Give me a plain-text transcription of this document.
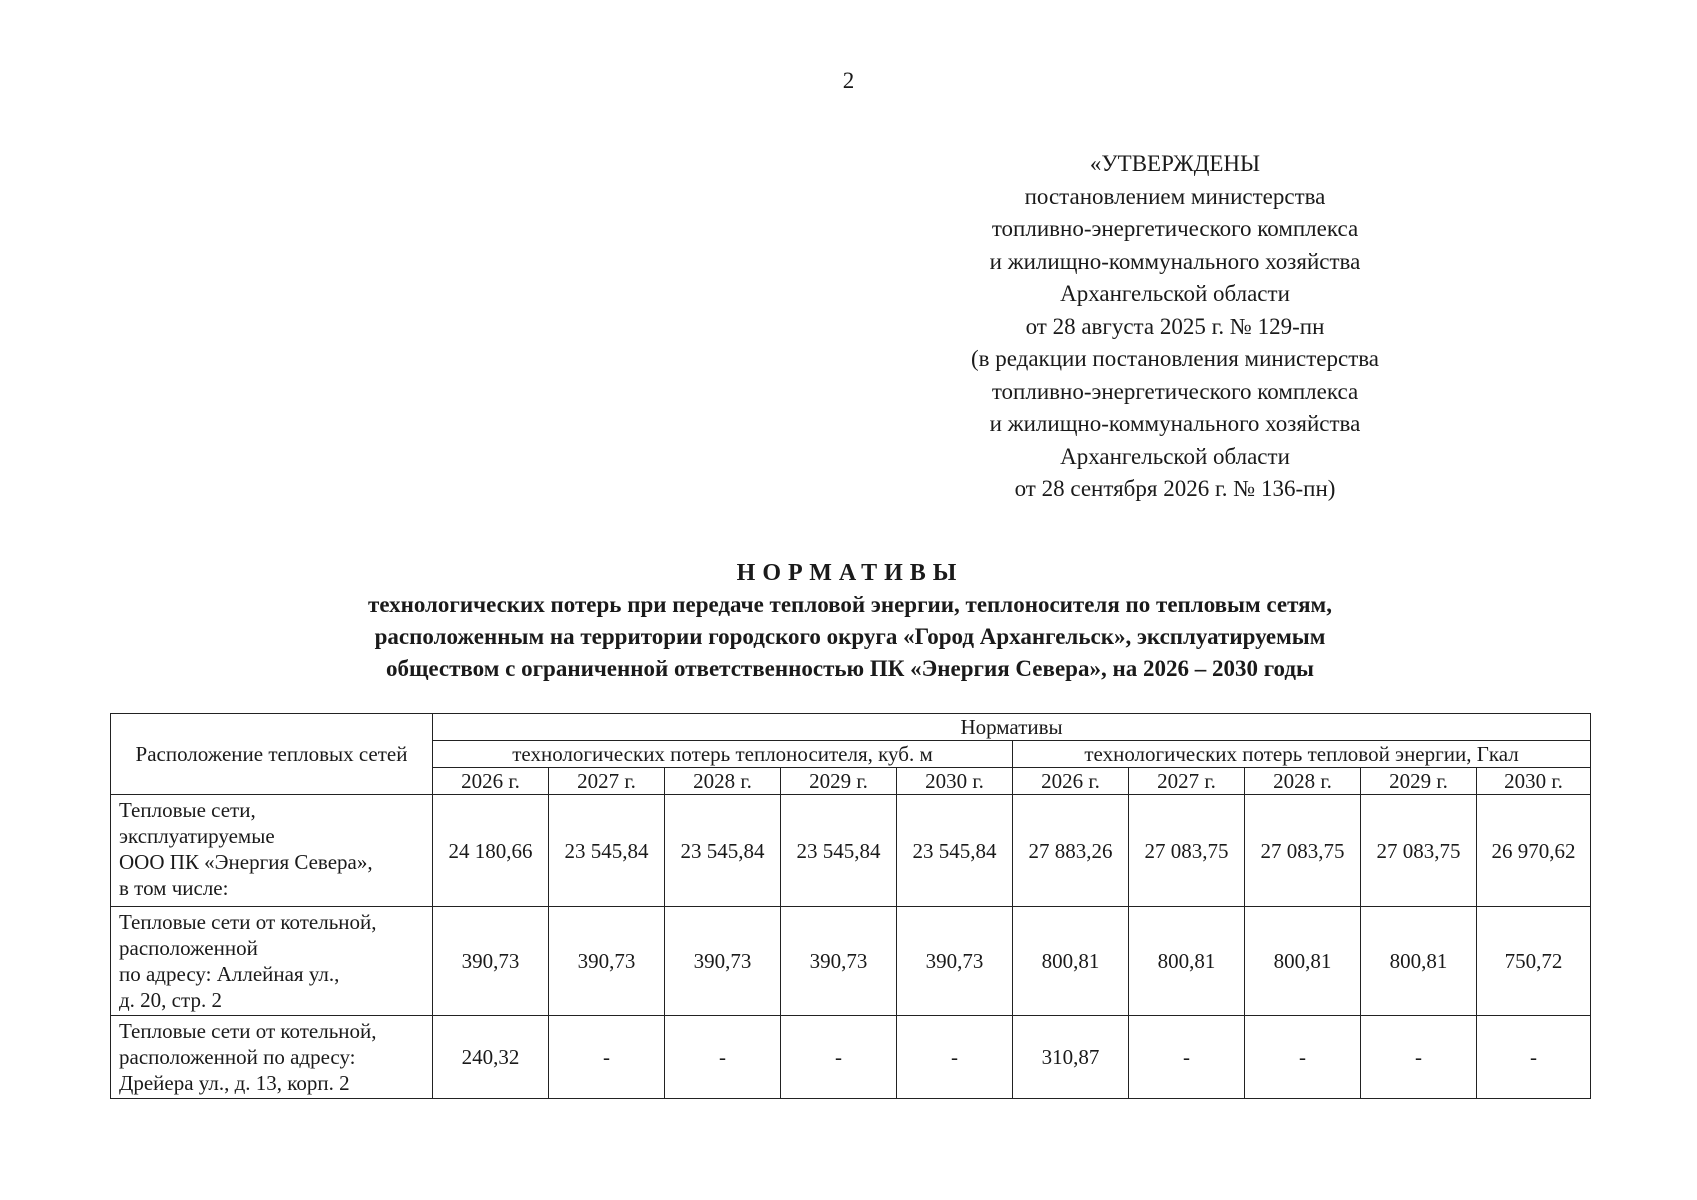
2
«УТВЕРЖДЕНЫ
постановлением министерства
топливно-энергетического комплекса
и жилищно-коммунального хозяйства
Архангельской области
от 28 августа 2025 г. № 129-пн
(в редакции постановления министерства
топливно-энергетического комплекса
и жилищно-коммунального хозяйства
Архангельской области
от 28 сентября 2026 г. № 136-пн)
НОРМАТИВЫ
технологических потерь при передаче тепловой энергии, теплоносителя по тепловым сетям,
расположенным на территории городского округа «Город Архангельск», эксплуатируемым
обществом с ограниченной ответственностью ПК «Энергия Севера», на 2026 – 2030 годы
Расположение тепловых сетей	Нормативы									
	технологических потерь теплоносителя, куб. м					технологических потерь тепловой энергии, Гкал				
	2026 г.	2027 г.	2028 г.	2029 г.	2030 г.	2026 г.	2027 г.	2028 г.	2029 г.	2030 г.

Тепловые сети,
эксплуатируемые
ООО ПК «Энергия Севера»,
в том числе:	24 180,66	23 545,84	23 545,84	23 545,84	23 545,84	27 883,26	27 083,75	27 083,75	27 083,75	26 970,62

Тепловые сети от котельной,
расположенной
по адресу: Аллейная ул.,
д. 20, стр. 2	390,73	390,73	390,73	390,73	390,73	800,81	800,81	800,81	800,81	750,72

Тепловые сети от котельной,
расположенной по адресу:
Дрейера ул., д. 13, корп. 2	240,32	-	-	-	-	310,87	-	-	-	-
